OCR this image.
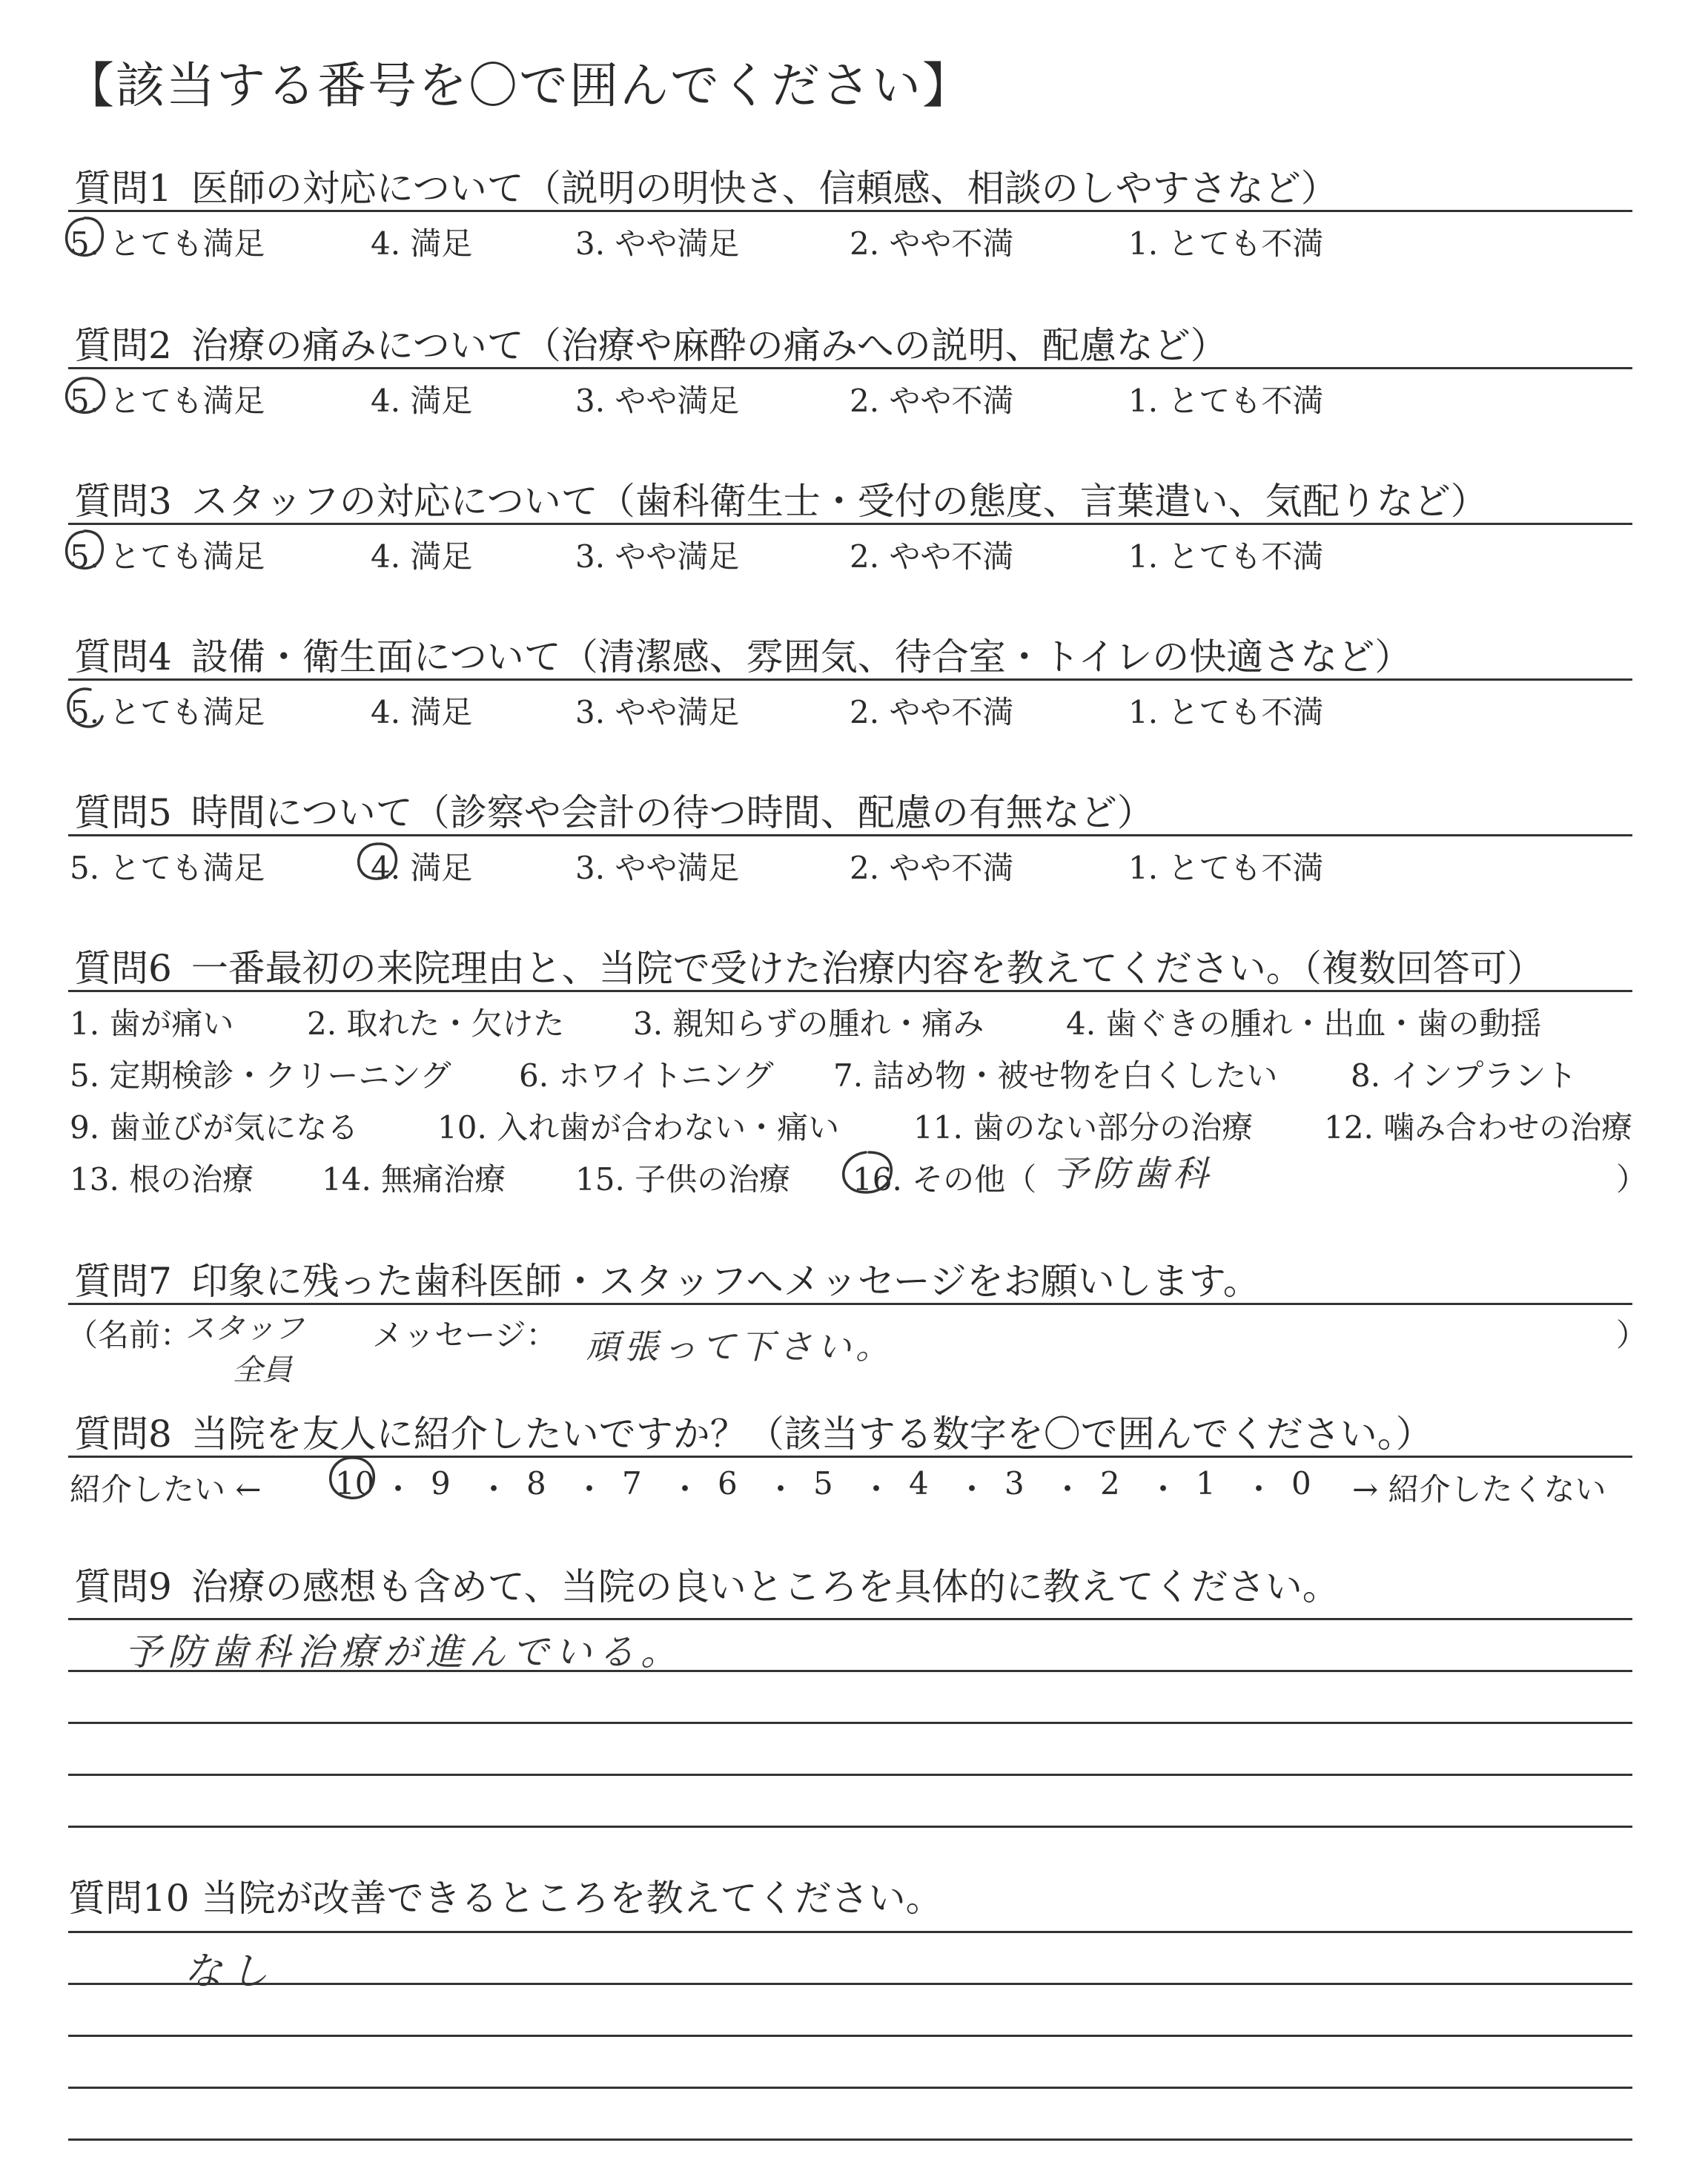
【該当する番号を〇で囲んでください】
質問1 医師の対応について（説明の明快さ、信頼感、相談のしやすさなど）
5. とても満足	4. 満足	3. やや満足	2. やや不満	1. とても不満
質問2 治療の痛みについて（治療や麻酔の痛みへの説明、配慮など）
5. とても満足	4. 満足	3. やや満足	2. やや不満	1. とても不満
質問3 スタッフの対応について（歯科衛生士・受付の態度、言葉遣い、気配りなど）
5. とても満足	4. 満足	3. やや満足	2. やや不満	1. とても不満
質問4 設備・衛生面について（清潔感、雰囲気、待合室・トイレの快適さなど）
5. とても満足	4. 満足	3. やや満足	2. やや不満	1. とても不満
質問5 時間について（診察や会計の待つ時間、配慮の有無など）
5. とても満足	4. 満足	3. やや満足	2. やや不満	1. とても不満
質問6 一番最初の来院理由と、当院で受けた治療内容を教えてください。（複数回答可）
1. 歯が痛い 2. 取れた・欠けた 3. 親知らずの腫れ・痛み	4. 歯ぐきの腫れ・出血・歯の動揺
5. 定期検診・クリーニング 6. ホワイトニング 7. 詰め物・被せ物を白くしたい 8. インプラント
9. 歯並びが気になる	10. 入れ歯が合わない・痛い 11. 歯のない部分の治療 12. 噛み合わせの治療
13. 根の治療 14. 無痛治療 15. 子供の治療 16. その他（ 予防歯科	）
質問7 印象に残った歯科医師・スタッフへメッセージをお願いします。
（名前：
スタッフ
全員
メッセージ： 頑張って下さい。	）
質問8 当院を友人に紹介したいですか？（該当する数字を〇で囲んでください。）
紹介したい ← 10 ・ 9 ・ 8 ・ 7 ・ 6 ・ 5 ・ 4 ・ 3 ・ 2 ・ 1 ・ 0 → 紹介したくない
質問9 治療の感想も含めて、当院の良いところを具体的に教えてください。
予防歯科治療が進んでいる。
質問10 当院が改善できるところを教えてください。
なし
